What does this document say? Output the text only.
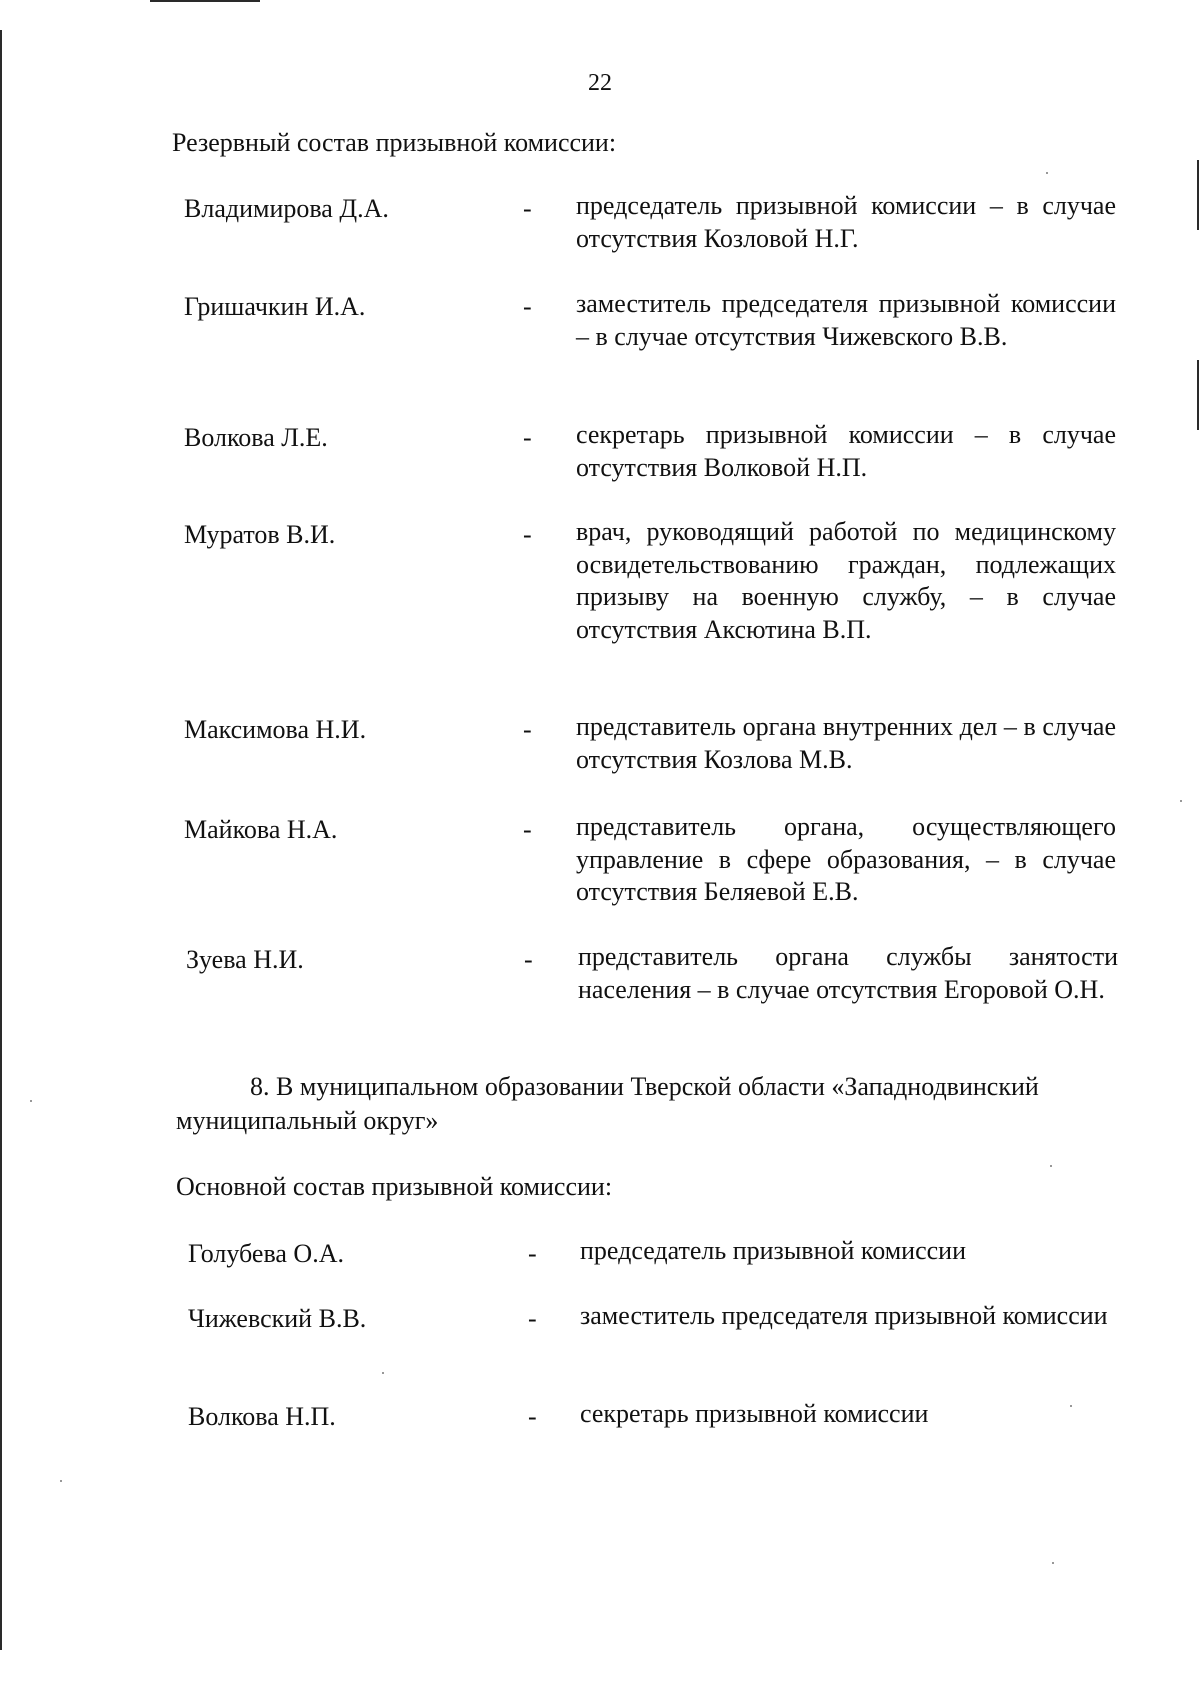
22
Резервный состав призывной комиссии:
Владимирова Д.А.	- председатель призывной комиссии – в случае отсутствия Козловой Н.Г.
Гришачкин И.А.	- заместитель председателя призывной комиссии – в случае отсутствия Чижевского В.В.
Волкова Л.Е.	- секретарь призывной комиссии – в случае отсутствия Волковой Н.П.
Муратов В.И.	- врач, руководящий работой по медицинскому освидетельствованию граждан, подлежащих призыву на военную службу, – в случае отсутствия Аксютина В.П.
Максимова Н.И.	- представитель органа внутренних дел – в случае отсутствия Козлова М.В.
Майкова Н.А.	- представитель органа, осуществляющего управление в сфере образования, – в случае отсутствия Беляевой Е.В.
Зуева Н.И.	- представитель органа службы занятости населения – в случае отсутствия Егоровой О.Н.
8. В муниципальном образовании Тверской области «Западнодвинский муниципальный округ»
Основной состав призывной комиссии:
Голубева О.А.	- председатель призывной комиссии
Чижевский В.В.	- заместитель председателя призывной комиссии
Волкова Н.П.	- секретарь призывной комиссии
